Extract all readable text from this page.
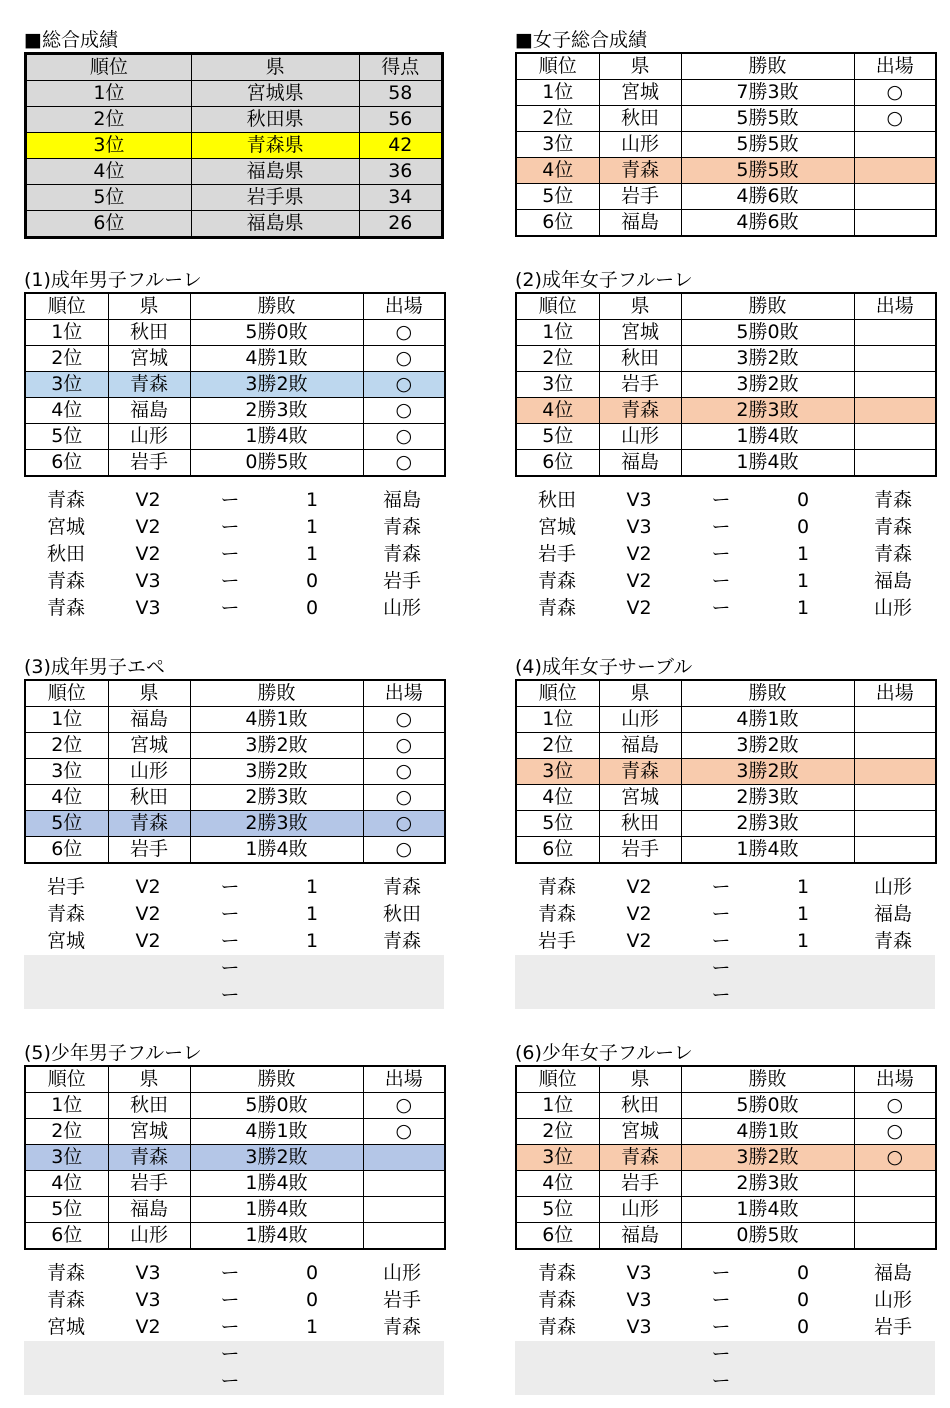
■総合成績
順位	県	得点
1位	宮城県	58
2位	秋田県	56
3位	青森県	42
4位	福島県	36
5位	岩手県	34
6位	福島県	26
■女子総合成績
順位	県	勝敗	出場
1位	宮城	7勝3敗	○
2位	秋田	5勝5敗	○
3位	山形	5勝5敗	
4位	青森	5勝5敗	
5位	岩手	4勝6敗	
6位	福島	4勝6敗	
(1)成年男子フルーレ
順位	県	勝敗	出場
1位	秋田	5勝0敗	○
2位	宮城	4勝1敗	○
3位	青森	3勝2敗	○
4位	福島	2勝3敗	○
5位	山形	1勝4敗	○
6位	岩手	0勝5敗	○
青森	V2	ー	1	福島
宮城	V2	ー	1	青森
秋田	V2	ー	1	青森
青森	V3	ー	0	岩手
青森	V3	ー	0	山形
(2)成年女子フルーレ
順位	県	勝敗	出場
1位	宮城	5勝0敗	
2位	秋田	3勝2敗	
3位	岩手	3勝2敗	
4位	青森	2勝3敗	
5位	山形	1勝4敗	
6位	福島	1勝4敗	
秋田	V3	ー	0	青森
宮城	V3	ー	0	青森
岩手	V2	ー	1	青森
青森	V2	ー	1	福島
青森	V2	ー	1	山形
(3)成年男子エペ
順位	県	勝敗	出場
1位	福島	4勝1敗	○
2位	宮城	3勝2敗	○
3位	山形	3勝2敗	○
4位	秋田	2勝3敗	○
5位	青森	2勝3敗	○
6位	岩手	1勝4敗	○
岩手	V2	ー	1	青森
青森	V2	ー	1	秋田
宮城	V2	ー	1	青森
ー
ー
(4)成年女子サーブル
順位	県	勝敗	出場
1位	山形	4勝1敗	
2位	福島	3勝2敗	
3位	青森	3勝2敗	
4位	宮城	2勝3敗	
5位	秋田	2勝3敗	
6位	岩手	1勝4敗	
青森	V2	ー	1	山形
青森	V2	ー	1	福島
岩手	V2	ー	1	青森
ー
ー
(5)少年男子フルーレ
順位	県	勝敗	出場
1位	秋田	5勝0敗	○
2位	宮城	4勝1敗	○
3位	青森	3勝2敗	
4位	岩手	1勝4敗	
5位	福島	1勝4敗	
6位	山形	1勝4敗	
青森	V3	ー	0	山形
青森	V3	ー	0	岩手
宮城	V2	ー	1	青森
ー
ー
(6)少年女子フルーレ
順位	県	勝敗	出場
1位	秋田	5勝0敗	○
2位	宮城	4勝1敗	○
3位	青森	3勝2敗	○
4位	岩手	2勝3敗	
5位	山形	1勝4敗	
6位	福島	0勝5敗	
青森	V3	ー	0	福島
青森	V3	ー	0	山形
青森	V3	ー	0	岩手
ー
ー
